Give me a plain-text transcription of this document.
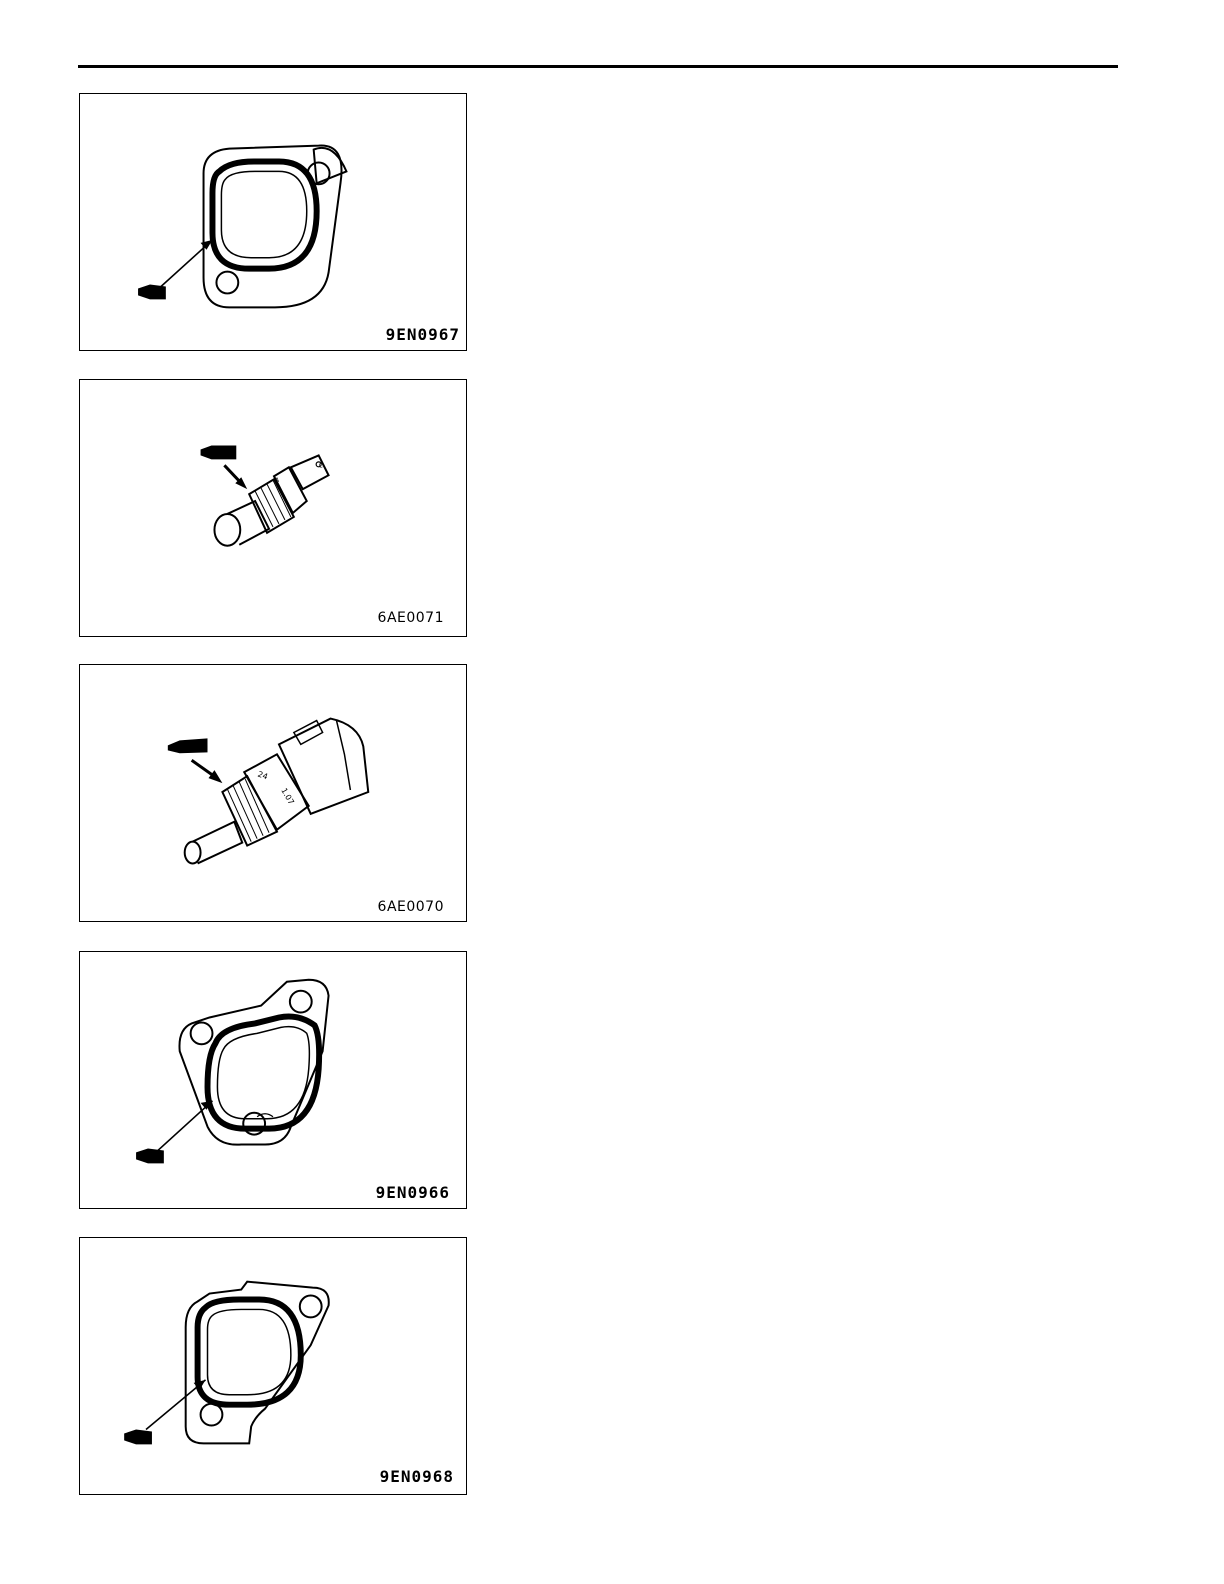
9EN0967
A
C
6AE0071
24
1.07
6AE0070
9EN0966
9EN0968
